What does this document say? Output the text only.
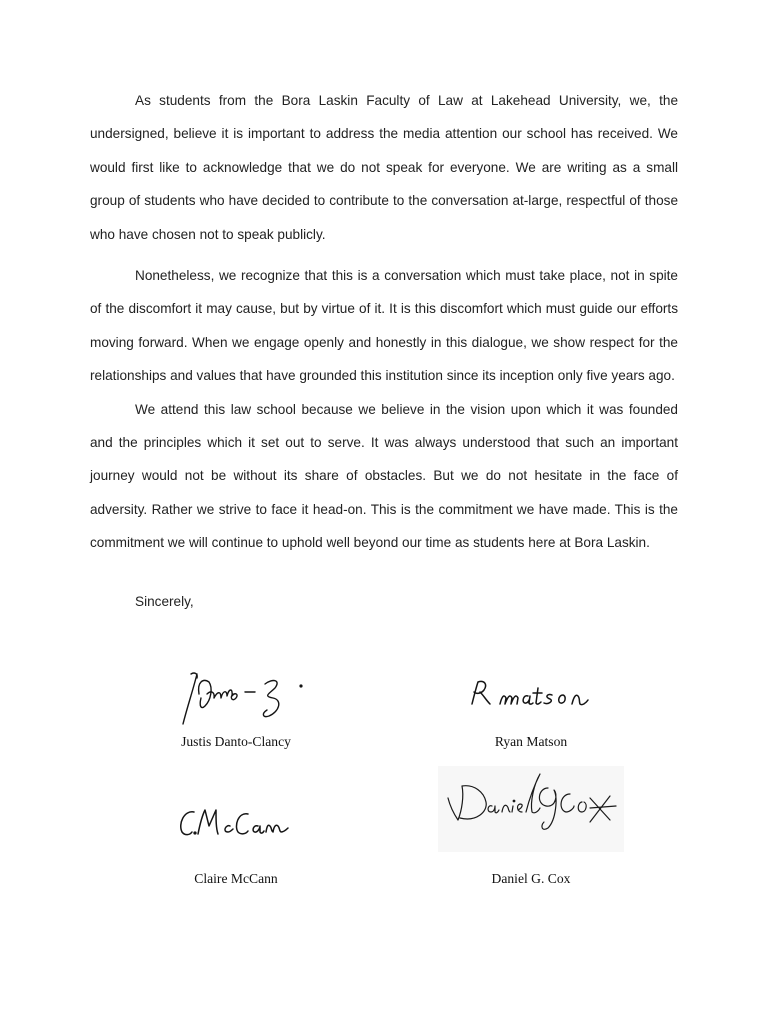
As students from the Bora Laskin Faculty of Law at Lakehead University, we, the undersigned, believe it is important to address the media attention our school has received. We would first like to acknowledge that we do not speak for everyone. We are writing as a small group of students who have decided to contribute to the conversation at-large, respectful of those who have chosen not to speak publicly.

Nonetheless, we recognize that this is a conversation which must take place, not in spite of the discomfort it may cause, but by virtue of it. It is this discomfort which must guide our efforts moving forward. When we engage openly and honestly in this dialogue, we show respect for the relationships and values that have grounded this institution since its inception only five years ago.

We attend this law school because we believe in the vision upon which it was founded and the principles which it set out to serve. It was always understood that such an important journey would not be without its share of obstacles. But we do not hesitate in the face of adversity. Rather we strive to face it head-on. This is the commitment we have made. This is the commitment we will continue to uphold well beyond our time as students here at Bora Laskin.

Sincerely,
Justis Danto-Clancy	Ryan Matson
Claire McCann	Daniel G. Cox
